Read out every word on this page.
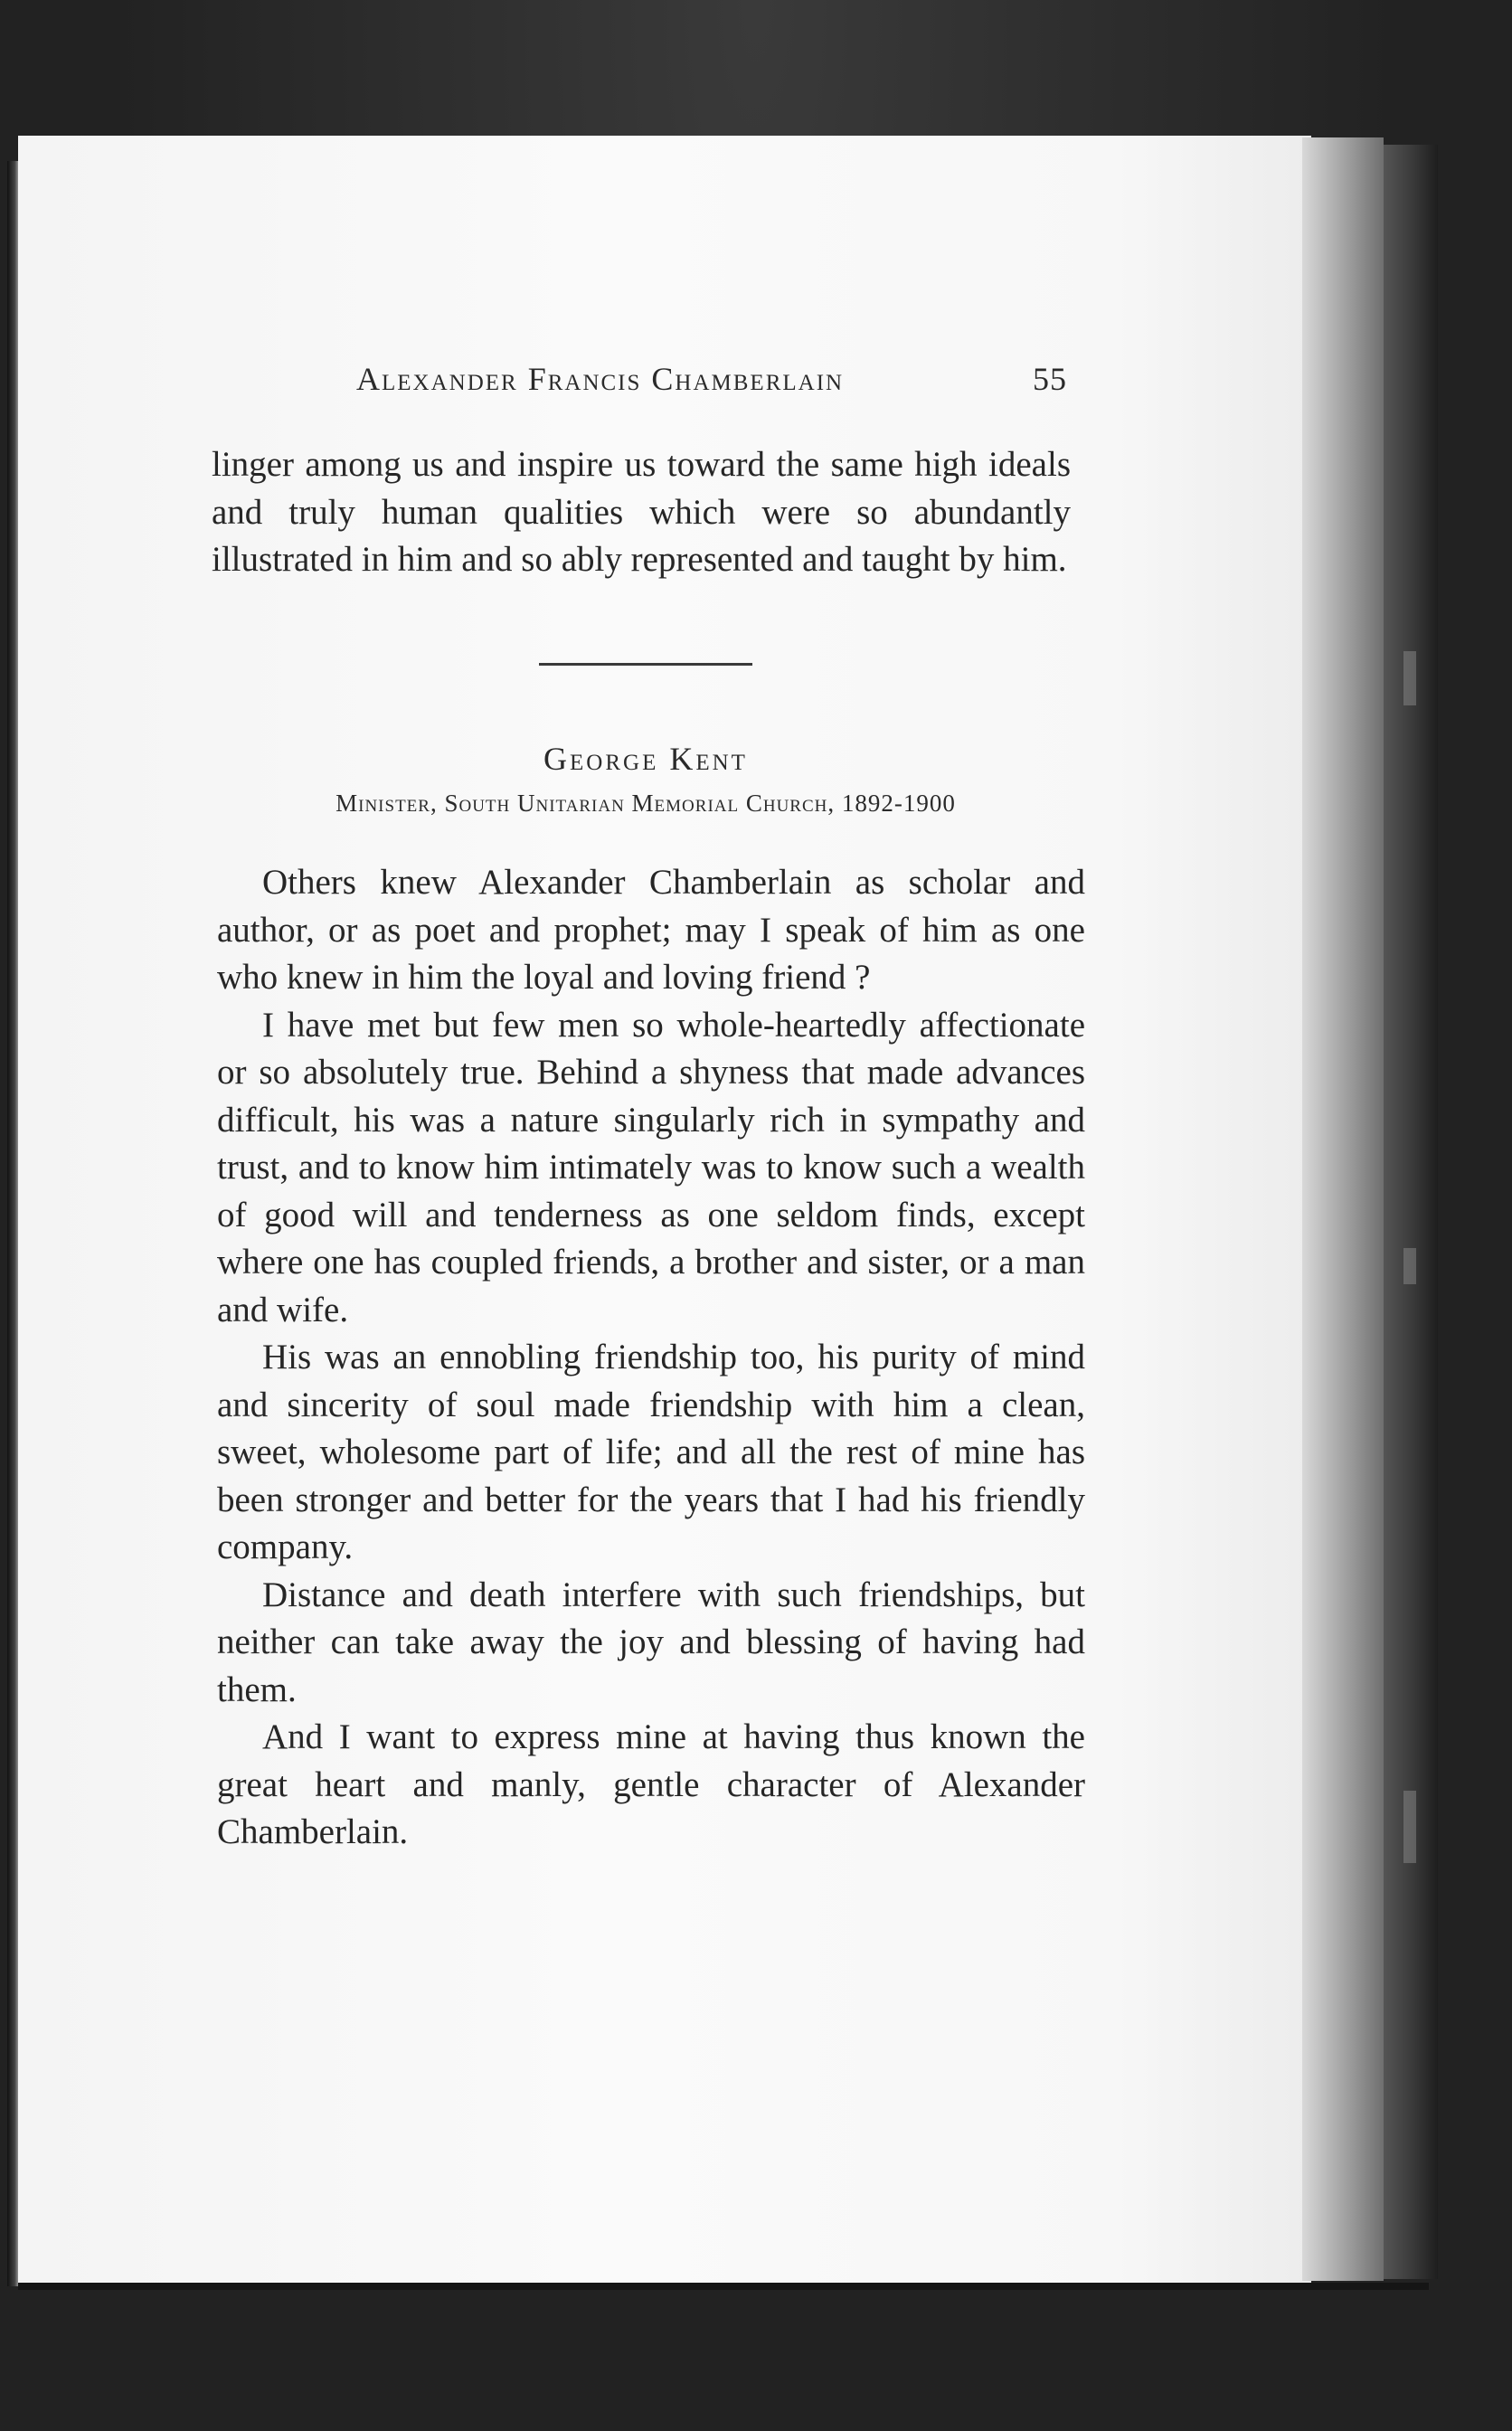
Alexander Francis Chamberlain	55

linger among us and inspire us toward the same high ideals and truly human qualities which were so abundantly illustrated in him and so ably represented and taught by him.

George Kent
Minister, South Unitarian Memorial Church, 1892-1900

Others knew Alexander Chamberlain as scholar and author, or as poet and prophet; may I speak of him as one who knew in him the loyal and loving friend ?

I have met but few men so whole-heartedly affectionate or so absolutely true. Behind a shyness that made advances difficult, his was a nature singularly rich in sympathy and trust, and to know him intimately was to know such a wealth of good will and tenderness as one seldom finds, except where one has coupled friends, a brother and sister, or a man and wife.

His was an ennobling friendship too, his purity of mind and sincerity of soul made friendship with him a clean, sweet, wholesome part of life; and all the rest of mine has been stronger and better for the years that I had his friendly company.

Distance and death interfere with such friendships, but neither can take away the joy and blessing of having had them.

And I want to express mine at having thus known the great heart and manly, gentle character of Alexander Chamberlain.
